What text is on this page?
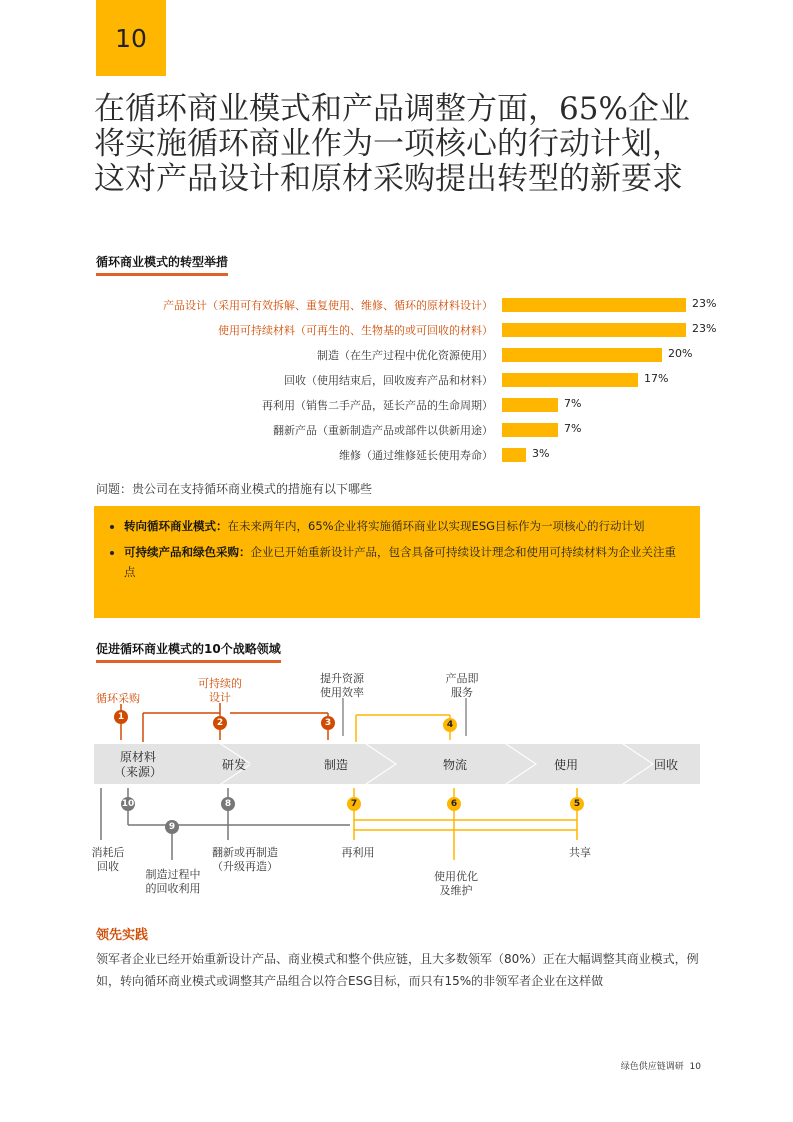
10
在循环商业模式和产品调整方面，65%企业将实施循环商业作为一项核心的行动计划，这对产品设计和原材采购提出转型的新要求
循环商业模式的转型举措
产品设计（采用可有效拆解、重复使用、维修、循环的原材料设计）	23%
使用可持续材料（可再生的、生物基的或可回收的材料）	23%
制造（在生产过程中优化资源使用）	20%
回收（使用结束后，回收废弃产品和材料）	17%
再利用（销售二手产品，延长产品的生命周期）	7%
翻新产品（重新制造产品或部件以供新用途）	7%
维修（通过维修延长使用寿命）	3%
问题：贵公司在支持循环商业模式的措施有以下哪些
• 转向循环商业模式：在未来两年内，65%企业将实施循环商业以实现ESG目标作为一项核心的行动计划
• 可持续产品和绿色采购：企业已开始重新设计产品，包含具备可持续设计理念和使用可持续材料为企业关注重点
促进循环商业模式的10个战略领域
原材料
（来源）	研发	制造	物流	使用	回收
循环采购
可持续的
设计
提升资源
使用效率
产品即
服务
消耗后
回收
制造过程中
的回收利用
翻新或再制造
（升级再造）
再利用
使用优化
及维护
共享
1
2	3	4
5
6
7
8
9
10
领先实践

领军者企业已经开始重新设计产品、商业模式和整个供应链，且大多数领军（80%）正在大幅调整其商业模式，例如，转向循环商业模式或调整其产品组合以符合ESG目标，而只有15%的非领军者企业在这样做

绿色供应链调研 10
